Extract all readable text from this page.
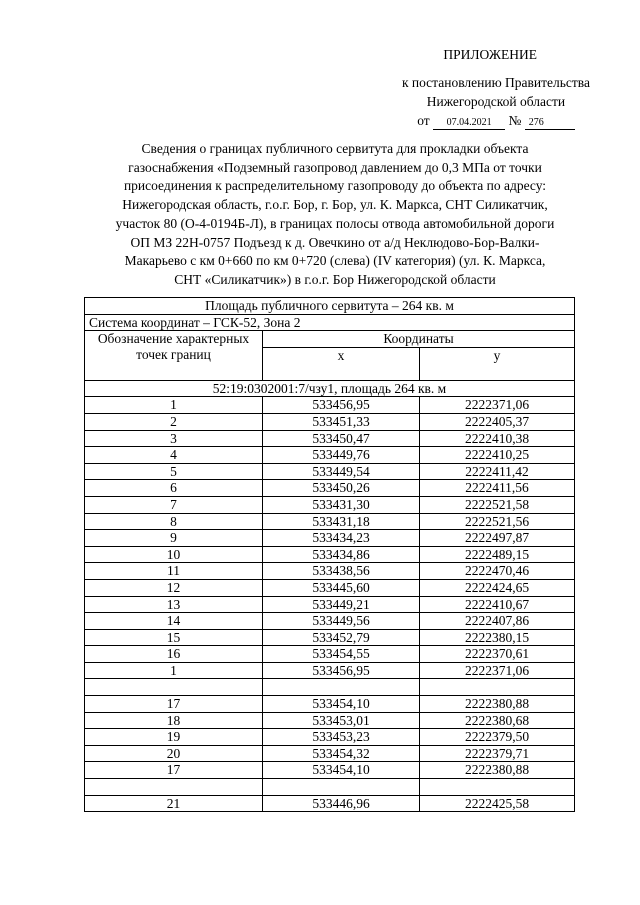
ПРИЛОЖЕНИЕ
к постановлению Правительства
Нижегородской области
от 07.04.2021 № 276
Сведения о границах публичного сервитута для прокладки объекта
газоснабжения «Подземный газопровод давлением до 0,3 МПа от точки
присоединения к распределительному газопроводу до объекта по адресу:
Нижегородская область, г.о.г. Бор, г. Бор, ул. К. Маркса, СНТ Силикатчик,
участок 80 (О-4-0194Б-Л), в границах полосы отвода автомобильной дороги
ОП МЗ 22Н-0757 Подъезд к д. Овечкино от а/д Неклюдово-Бор-Валки-
Макарьево с км 0+660 по км 0+720 (слева) (IV категория) (ул. К. Маркса,
СНТ «Силикатчик») в г.о.г. Бор Нижегородской области
Площадь публичного сервитута – 264 кв. м		
Система координат – ГСК-52, Зона 2		
Обозначение характерных точек границ	Координаты	
	x	y
52:19:0302001:7/чзу1, площадь 264 кв. м		
1	533456,95	2222371,06
2	533451,33	2222405,37
3	533450,47	2222410,38
4	533449,76	2222410,25
5	533449,54	2222411,42
6	533450,26	2222411,56
7	533431,30	2222521,58
8	533431,18	2222521,56
9	533434,23	2222497,87
10	533434,86	2222489,15
11	533438,56	2222470,46
12	533445,60	2222424,65
13	533449,21	2222410,67
14	533449,56	2222407,86
15	533452,79	2222380,15
16	533454,55	2222370,61
1	533456,95	2222371,06

17	533454,10	2222380,88
18	533453,01	2222380,68
19	533453,23	2222379,50
20	533454,32	2222379,71
17	533454,10	2222380,88

21	533446,96	2222425,58
